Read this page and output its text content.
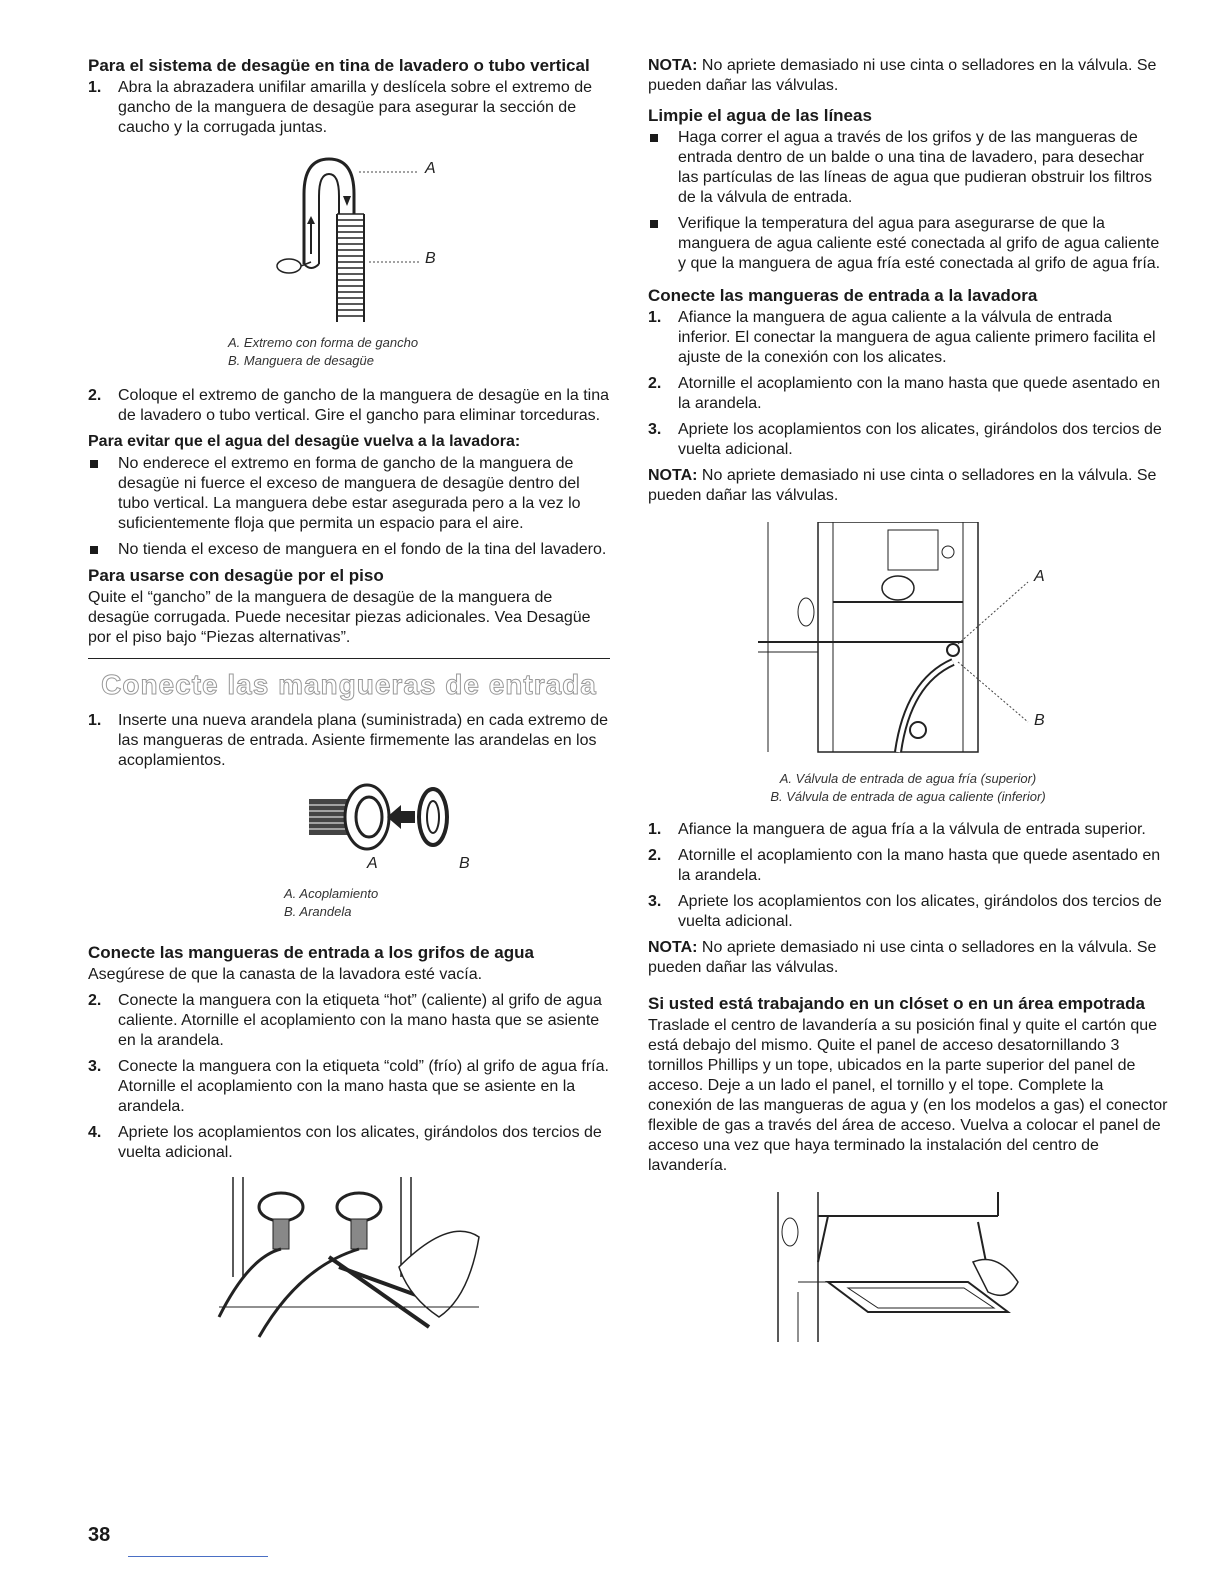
Para el sistema de desagüe en tina de lavadero o tubo vertical
1. Abra la abrazadera unifilar amarilla y deslícela sobre el extremo de gancho de la manguera de desagüe para asegurar la sección de caucho y la corrugada juntas.
A
B
A. Extremo con forma de gancho
B. Manguera de desagüe
2. Coloque el extremo de gancho de la manguera de desagüe en la tina de lavadero o tubo vertical. Gire el gancho para eliminar torceduras.
Para evitar que el agua del desagüe vuelva a la lavadora:
No enderece el extremo en forma de gancho de la manguera de desagüe ni fuerce el exceso de manguera de desagüe dentro del tubo vertical. La manguera debe estar asegurada pero a la vez lo suficientemente floja que permita un espacio para el aire.
No tienda el exceso de manguera en el fondo de la tina del lavadero.
Para usarse con desagüe por el piso

Quite el “gancho” de la manguera de desagüe de la manguera de desagüe corrugada. Puede necesitar piezas adicionales. Vea Desagüe por el piso bajo “Piezas alternativas”.

Conecte las mangueras de entrada
1. Inserte una nueva arandela plana (suministrada) en cada extremo de las mangueras de entrada. Asiente firmemente las arandelas en los acoplamientos.
A	B
A. Acoplamiento
B. Arandela
Conecte las mangueras de entrada a los grifos de agua

Asegúrese de que la canasta de la lavadora esté vacía.

2. Conecte la manguera con la etiqueta “hot” (caliente) al grifo de agua caliente. Atornille el acoplamiento con la mano hasta que se asiente en la arandela.
3. Conecte la manguera con la etiqueta “cold” (frío) al grifo de agua fría. Atornille el acoplamiento con la mano hasta que se asiente en la arandela.
4. Apriete los acoplamientos con los alicates, girándolos dos tercios de vuelta adicional.

NOTA: No apriete demasiado ni use cinta o selladores en la válvula. Se pueden dañar las válvulas.

Limpie el agua de las líneas
Haga correr el agua a través de los grifos y de las mangueras de entrada dentro de un balde o una tina de lavadero, para desechar las partículas de las líneas de agua que pudieran obstruir los filtros de la válvula de entrada.
Verifique la temperatura del agua para asegurarse de que la manguera de agua caliente esté conectada al grifo de agua caliente y que la manguera de agua fría esté conectada al grifo de agua fría.
Conecte las mangueras de entrada a la lavadora
1. Afiance la manguera de agua caliente a la válvula de entrada inferior. El conectar la manguera de agua caliente primero facilita el ajuste de la conexión con los alicates.
2. Atornille el acoplamiento con la mano hasta que quede asentado en la arandela.
3. Apriete los acoplamientos con los alicates, girándolos dos tercios de vuelta adicional.

NOTA: No apriete demasiado ni use cinta o selladores en la válvula. Se pueden dañar las válvulas.

A
B
A. Válvula de entrada de agua fría (superior)
B. Válvula de entrada de agua caliente (inferior)
1. Afiance la manguera de agua fría a la válvula de entrada superior.
2. Atornille el acoplamiento con la mano hasta que quede asentado en la arandela.
3. Apriete los acoplamientos con los alicates, girándolos dos tercios de vuelta adicional.

NOTA: No apriete demasiado ni use cinta o selladores en la válvula. Se pueden dañar las válvulas.

Si usted está trabajando en un clóset o en un área empotrada

Traslade el centro de lavandería a su posición final y quite el cartón que está debajo del mismo. Quite el panel de acceso desatornillando 3 tornillos Phillips y un tope, ubicados en la parte superior del panel de acceso. Deje a un lado el panel, el tornillo y el tope. Complete la conexión de las mangueras de agua y (en los modelos a gas) el conector flexible de gas a través del área de acceso. Vuelva a colocar el panel de acceso una vez que haya terminado la instalación del centro de lavandería.

38
